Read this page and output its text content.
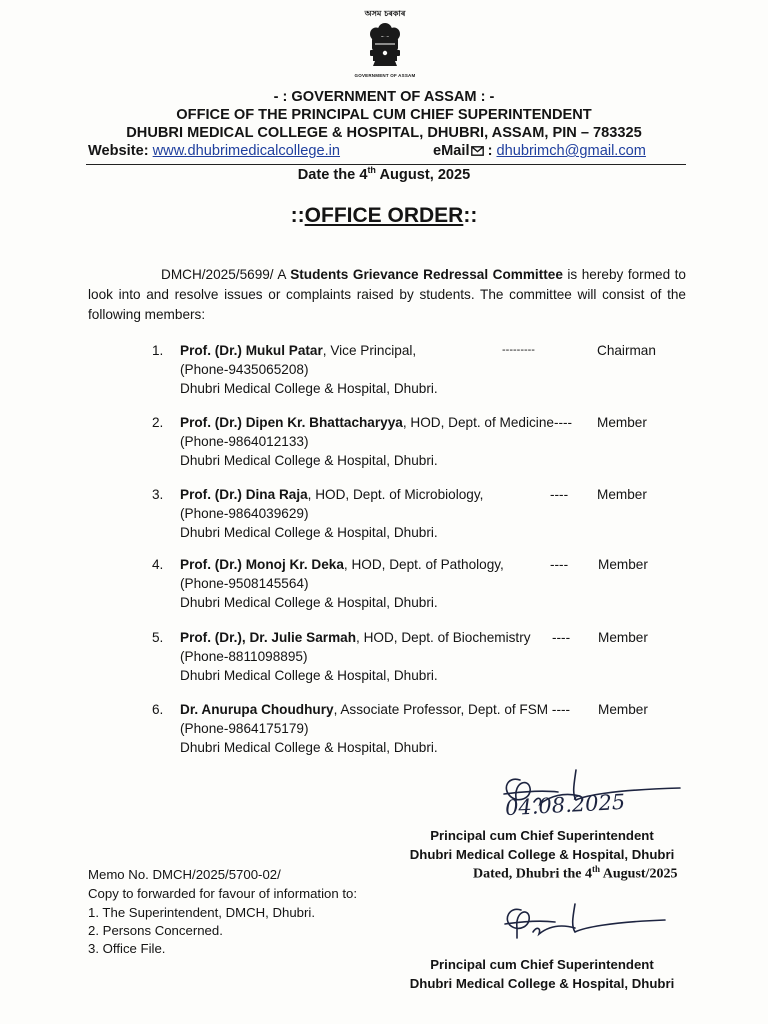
অসম চৰকাৰ
GOVERNMENT OF ASSAM
- : GOVERNMENT OF ASSAM : -
OFFICE OF THE PRINCIPAL CUM CHIEF SUPERINTENDENT
DHUBRI MEDICAL COLLEGE & HOSPITAL, DHUBRI, ASSAM, PIN – 783325
Website: www.dhubrimedicalcollege.in	eMail : dhubrimch@gmail.com
Date the 4th August, 2025
::OFFICE ORDER::
DMCH/2025/5699/ A Students Grievance Redressal Committee is hereby formed to look into and resolve issues or complaints raised by students. The committee will consist of the following members:
1. Prof. (Dr.) Mukul Patar, Vice Principal,
(Phone-9435065208)
Dhubri Medical College & Hospital, Dhubri.
---------	Chairman
2. Prof. (Dr.) Dipen Kr. Bhattacharyya, HOD, Dept. of Medicine----
(Phone-9864012133)
Dhubri Medical College & Hospital, Dhubri.
Member
3. Prof. (Dr.) Dina Raja, HOD, Dept. of Microbiology,
(Phone-9864039629)
Dhubri Medical College & Hospital, Dhubri.
---- Member
4. Prof. (Dr.) Monoj Kr. Deka, HOD, Dept. of Pathology,
(Phone-9508145564)
Dhubri Medical College & Hospital, Dhubri.
---- Member
5. Prof. (Dr.), Dr. Julie Sarmah, HOD, Dept. of Biochemistry
(Phone-8811098895)
Dhubri Medical College & Hospital, Dhubri.
---- Member
6. Dr. Anurupa Choudhury, Associate Professor, Dept. of FSM ----
(Phone-9864175179)
Dhubri Medical College & Hospital, Dhubri.
Member
04.08.2025
Principal cum Chief Superintendent
Dhubri Medical College & Hospital, Dhubri
Dated, Dhubri the 4th August/2025
Memo No. DMCH/2025/5700-02/
Copy to forwarded for favour of information to:
1. The Superintendent, DMCH, Dhubri.
2. Persons Concerned.
3. Office File.
Principal cum Chief Superintendent
Dhubri Medical College & Hospital, Dhubri
